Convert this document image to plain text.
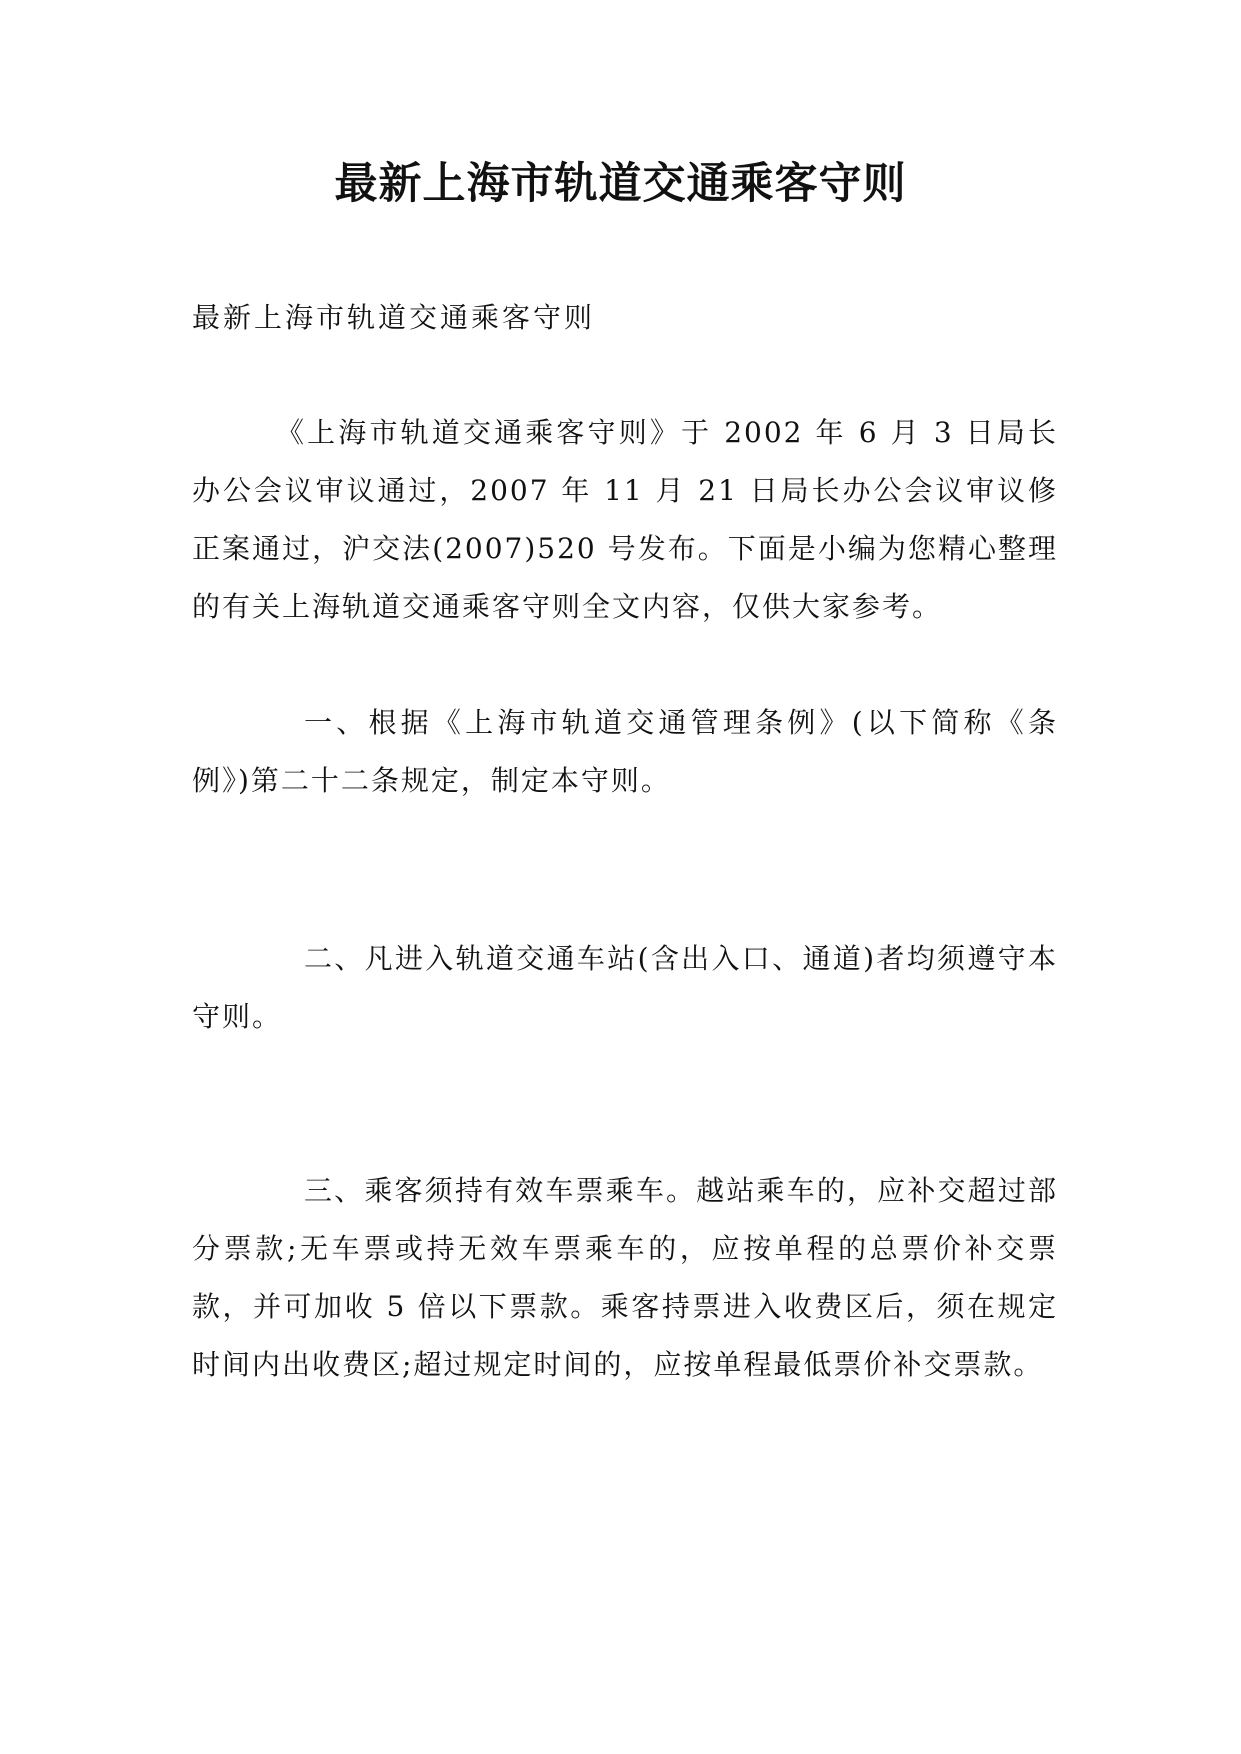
最新上海市轨道交通乘客守则
最新上海市轨道交通乘客守则
《上海市轨道交通乘客守则》于 2002 年 6 月 3 日局长办公会议审议通过，2007 年 11 月 21 日局长办公会议审议修正案通过，沪交法(2007)520 号发布。下面是小编为您精心整理的有关上海轨道交通乘客守则全文内容，仅供大家参考。
一、根据《上海市轨道交通管理条例》(以下简称《条例》)第二十二条规定，制定本守则。
二、凡进入轨道交通车站(含出入口、通道)者均须遵守本守则。
三、乘客须持有效车票乘车。越站乘车的，应补交超过部分票款;无车票或持无效车票乘车的，应按单程的总票价补交票款，并可加收 5 倍以下票款。乘客持票进入收费区后，须在规定时间内出收费区;超过规定时间的，应按单程最低票价补交票款。
